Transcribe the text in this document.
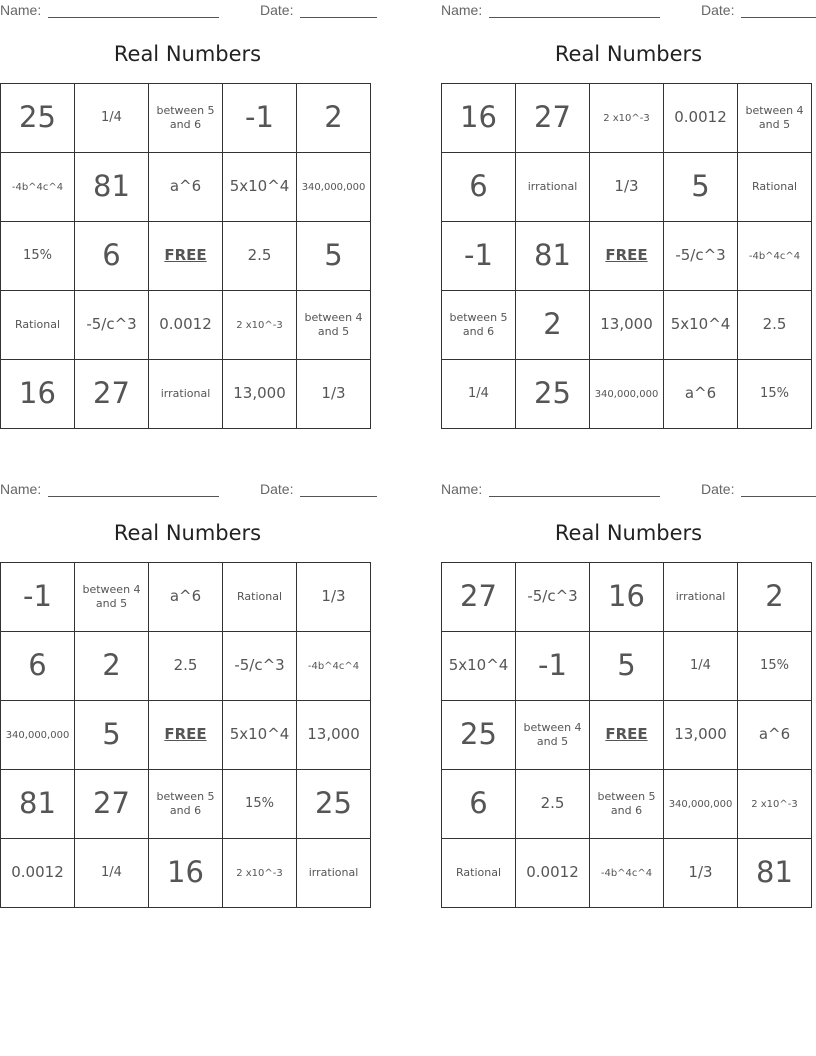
Name:	Date:
Real Numbers
25	1/4	between 5 and 6	-1	2
-4b^4c^4	81	a^6	5x10^4	340,000,000
15%	6	FREE	2.5	5
Rational	-5/c^3	0.0012	2 x10^-3	between 4 and 5
16	27	irrational	13,000	1/3
Name:	Date:
Real Numbers
16	27	2 x10^-3	0.0012	between 4 and 5
6	irrational	1/3	5	Rational
-1	81	FREE	-5/c^3	-4b^4c^4
between 5 and 6	2	13,000	5x10^4	2.5
1/4	25	340,000,000	a^6	15%
Name:	Date:
Real Numbers
-1	between 4 and 5	a^6	Rational	1/3
6	2	2.5	-5/c^3	-4b^4c^4
340,000,000	5	FREE	5x10^4	13,000
81	27	between 5 and 6	15%	25
0.0012	1/4	16	2 x10^-3	irrational
Name:	Date:
Real Numbers
27	-5/c^3	16	irrational	2
5x10^4	-1	5	1/4	15%
25	between 4 and 5	FREE	13,000	a^6
6	2.5	between 5 and 6	340,000,000	2 x10^-3
Rational	0.0012	-4b^4c^4	1/3	81
